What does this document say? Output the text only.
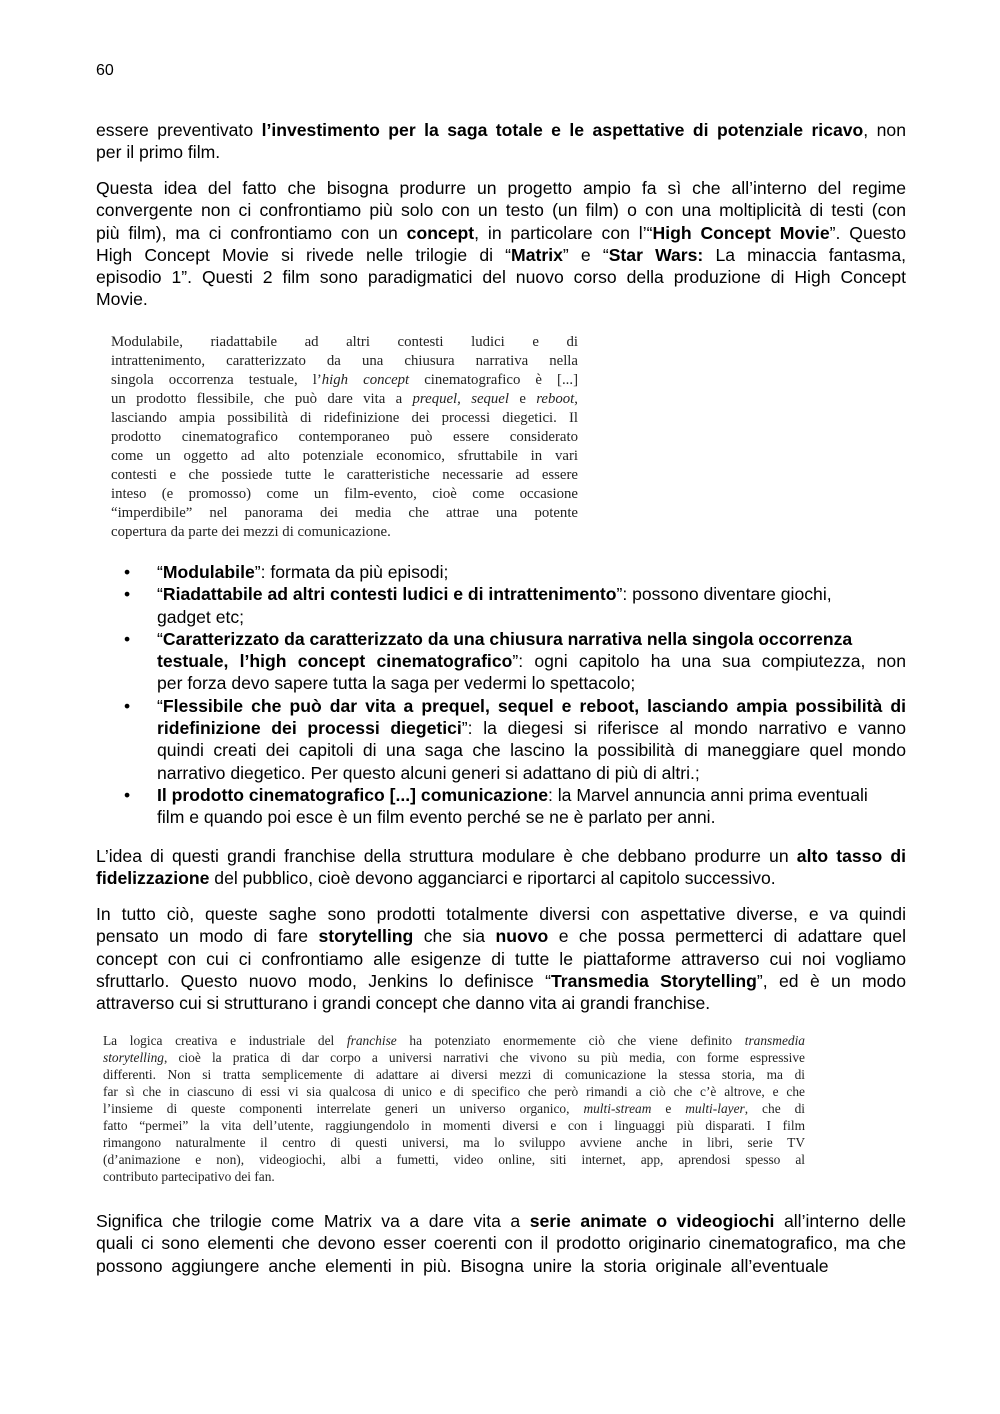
60
essere preventivato l’investimento per la saga totale e le aspettative di potenziale ricavo, non
per il primo film.
Questa idea del fatto che bisogna produrre un progetto ampio fa sì che all’interno del regime
convergente non ci confrontiamo più solo con un testo (un film) o con una moltiplicità di testi (con
più film), ma ci confrontiamo con un concept, in particolare con l’“High Concept Movie”. Questo
High Concept Movie si rivede nelle trilogie di “Matrix” e “Star Wars: La minaccia fantasma,
episodio 1”. Questi 2 film sono paradigmatici del nuovo corso della produzione di High Concept
Movie.
Modulabile, riadattabile ad altri contesti ludici e di
intrattenimento, caratterizzato da una chiusura narrativa nella
singola occorrenza testuale, l’high concept cinematografico è [...]
un prodotto flessibile, che può dare vita a prequel, sequel e reboot,
lasciando ampia possibilità di ridefinizione dei processi diegetici. Il
prodotto cinematografico contemporaneo può essere considerato
come un oggetto ad alto potenziale economico, sfruttabile in vari
contesti e che possiede tutte le caratteristiche necessarie ad essere
inteso (e promosso) come un film-evento, cioè come occasione
“imperdibile” nel panorama dei media che attrae una potente
copertura da parte dei mezzi di comunicazione.
• “Modulabile”: formata da più episodi;
• “Riadattabile ad altri contesti ludici e di intrattenimento”: possono diventare giochi,
gadget etc;
• “Caratterizzato da caratterizzato da una chiusura narrativa nella singola occorrenza
testuale, l’high concept cinematografico”: ogni capitolo ha una sua compiutezza, non
per forza devo sapere tutta la saga per vedermi lo spettacolo;
• “Flessibile che può dar vita a prequel, sequel e reboot, lasciando ampia possibilità di
ridefinizione dei processi diegetici”: la diegesi si riferisce al mondo narrativo e vanno
quindi creati dei capitoli di una saga che lascino la possibilità di maneggiare quel mondo
narrativo diegetico. Per questo alcuni generi si adattano di più di altri.;
• Il prodotto cinematografico [...] comunicazione: la Marvel annuncia anni prima eventuali
film e quando poi esce è un film evento perché se ne è parlato per anni.
L’idea di questi grandi franchise della struttura modulare è che debbano produrre un alto tasso di
fidelizzazione del pubblico, cioè devono agganciarci e riportarci al capitolo successivo.
In tutto ciò, queste saghe sono prodotti totalmente diversi con aspettative diverse, e va quindi
pensato un modo di fare storytelling che sia nuovo e che possa permetterci di adattare quel
concept con cui ci confrontiamo alle esigenze di tutte le piattaforme attraverso cui noi vogliamo
sfruttarlo. Questo nuovo modo, Jenkins lo definisce “Transmedia Storytelling”, ed è un modo
attraverso cui si strutturano i grandi concept che danno vita ai grandi franchise.
La logica creativa e industriale del franchise ha potenziato enormemente ciò che viene definito transmedia
storytelling, cioè la pratica di dar corpo a universi narrativi che vivono su più media, con forme espressive
differenti. Non si tratta semplicemente di adattare ai diversi mezzi di comunicazione la stessa storia, ma di
far sì che in ciascuno di essi vi sia qualcosa di unico e di specifico che però rimandi a ciò che c’è altrove, e che
l’insieme di queste componenti interrelate generi un universo organico, multi-stream e multi-layer, che di
fatto “permei” la vita dell’utente, raggiungendolo in momenti diversi e con i linguaggi più disparati. I film
rimangono naturalmente il centro di questi universi, ma lo sviluppo avviene anche in libri, serie TV
(d’animazione e non), videogiochi, albi a fumetti, video online, siti internet, app, aprendosi spesso al
contributo partecipativo dei fan.
Significa che trilogie come Matrix va a dare vita a serie animate o videogiochi all’interno delle
quali ci sono elementi che devono esser coerenti con il prodotto originario cinematografico, ma che
possono aggiungere anche elementi in più. Bisogna unire la storia originale all’eventuale
